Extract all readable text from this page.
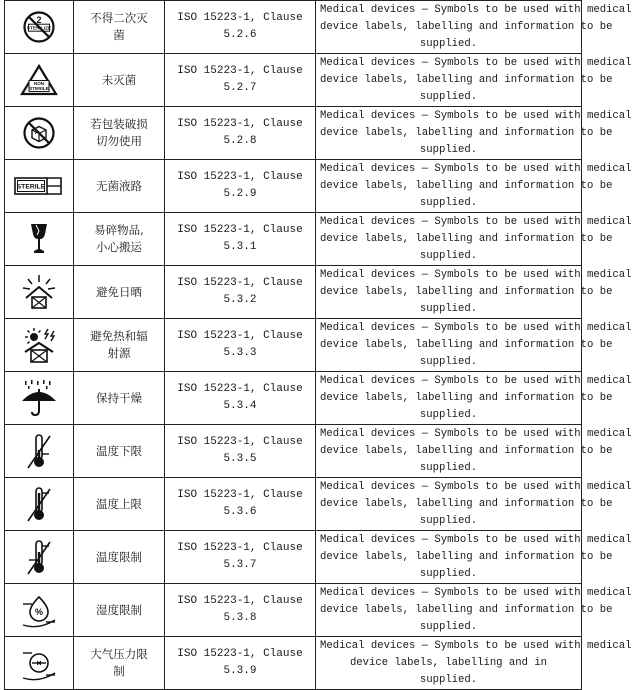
STERILIZE
2	不得二次灭
菌	ISO 15223-1, Clause
5.2.6	Medical devices — Symbols to be used with medical
device labels, labelling and information to be
supplied.

NON
STERILE	未灭菌	ISO 15223-1, Clause
5.2.7	Medical devices — Symbols to be used with medical
device labels, labelling and information to be
supplied.

若包装破损
切勿使用	ISO 15223-1, Clause
5.2.8	Medical devices — Symbols to be used with medical
device labels, labelling and information to be
supplied.

STERILE	无菌液路	ISO 15223-1, Clause
5.2.9	Medical devices — Symbols to be used with medical
device labels, labelling and information to be
supplied.

易碎物品,
小心搬运	ISO 15223-1, Clause
5.3.1	Medical devices — Symbols to be used with medical
device labels, labelling and information to be
supplied.

避免日晒	ISO 15223-1, Clause
5.3.2	Medical devices — Symbols to be used with medical
device labels, labelling and information to be
supplied.

避免热和辐
射源	ISO 15223-1, Clause
5.3.3	Medical devices — Symbols to be used with medical
device labels, labelling and information to be
supplied.

保持干燥	ISO 15223-1, Clause
5.3.4	Medical devices — Symbols to be used with medical
device labels, labelling and information to be
supplied.

温度下限	ISO 15223-1, Clause
5.3.5	Medical devices — Symbols to be used with medical
device labels, labelling and information to be
supplied.

温度上限	ISO 15223-1, Clause
5.3.6	Medical devices — Symbols to be used with medical
device labels, labelling and information to be
supplied.

温度限制	ISO 15223-1, Clause
5.3.7	Medical devices — Symbols to be used with medical
device labels, labelling and information to be
supplied.

%	湿度限制	ISO 15223-1, Clause
5.3.8	Medical devices — Symbols to be used with medical
device labels, labelling and information to be
supplied.

大气压力限
制	ISO 15223-1, Clause
5.3.9	Medical devices — Symbols to be used with medical
device labels, labelling and in
supplied.
